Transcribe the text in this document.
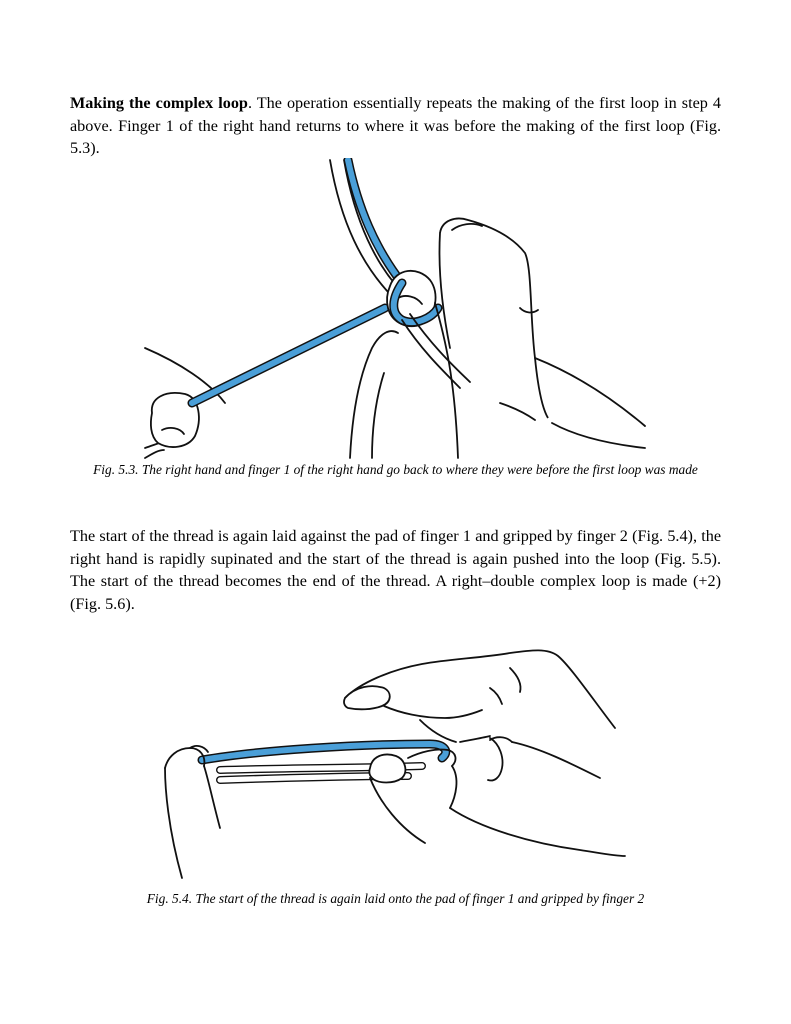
Making the complex loop. The operation essentially repeats the making of the first loop in step 4 above. Finger 1 of the right hand returns to where it was before the making of the first loop (Fig. 5.3).

Fig. 5.3. The right hand and finger 1 of the right hand go back to where they were before the first loop was made

The start of the thread is again laid against the pad of finger 1 and gripped by finger 2 (Fig. 5.4), the right hand is rapidly supinated and the start of the thread is again pushed into the loop (Fig. 5.5). The start of the thread becomes the end of the thread. A right–double complex loop is made (+2) (Fig. 5.6).

Fig. 5.4. The start of the thread is again laid onto the pad of finger 1 and gripped by finger 2
